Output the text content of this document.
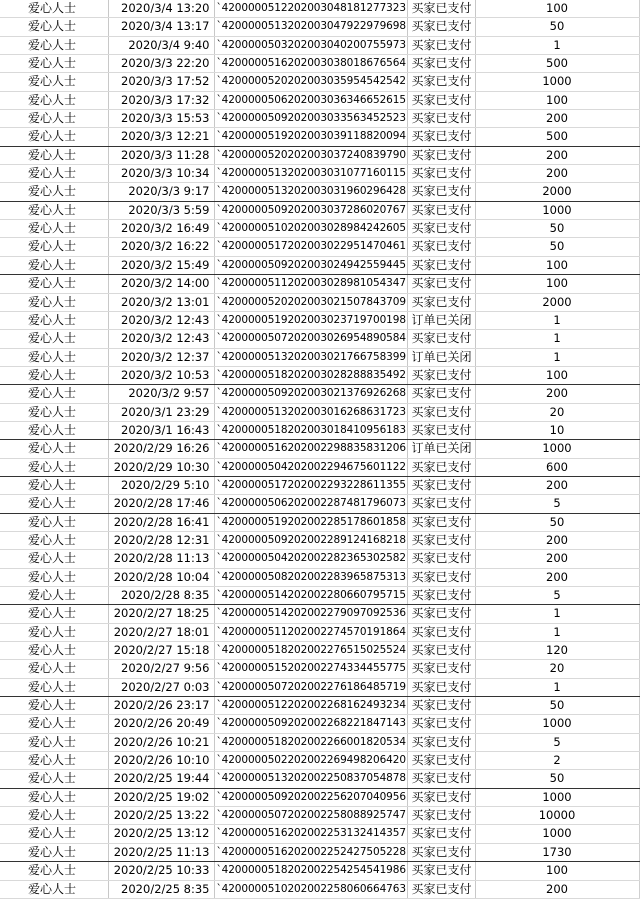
爱心人士	2020/3/4 13:20	`4200000512202003048181277323	买家已支付	100
爱心人士	2020/3/4 13:17	`4200000513202003047922979698	买家已支付	50
爱心人士	2020/3/4 9:40	`4200000503202003040200755973	买家已支付	1
爱心人士	2020/3/3 22:20	`4200000516202003038018676564	买家已支付	500
爱心人士	2020/3/3 17:52	`4200000520202003035954542542	买家已支付	1000
爱心人士	2020/3/3 17:32	`4200000506202003036346652615	买家已支付	100
爱心人士	2020/3/3 15:53	`4200000509202003033563452523	买家已支付	200
爱心人士	2020/3/3 12:21	`4200000519202003039118820094	买家已支付	500
爱心人士	2020/3/3 11:28	`4200000520202003037240839790	买家已支付	200
爱心人士	2020/3/3 10:34	`4200000513202003031077160115	买家已支付	200
爱心人士	2020/3/3 9:17	`4200000513202003031960296428	买家已支付	2000
爱心人士	2020/3/3 5:59	`4200000509202003037286020767	买家已支付	1000
爱心人士	2020/3/2 16:49	`4200000510202003028984242605	买家已支付	50
爱心人士	2020/3/2 16:22	`4200000517202003022951470461	买家已支付	50
爱心人士	2020/3/2 15:49	`4200000509202003024942559445	买家已支付	100
爱心人士	2020/3/2 14:00	`4200000511202003028981054347	买家已支付	100
爱心人士	2020/3/2 13:01	`4200000520202003021507843709	买家已支付	2000
爱心人士	2020/3/2 12:43	`4200000519202003023719700198	订单已关闭	1
爱心人士	2020/3/2 12:43	`4200000507202003026954890584	买家已支付	1
爱心人士	2020/3/2 12:37	`4200000513202003021766758399	订单已关闭	1
爱心人士	2020/3/2 10:53	`4200000518202003028288835492	买家已支付	100
爱心人士	2020/3/2 9:57	`4200000509202003021376926268	买家已支付	200
爱心人士	2020/3/1 23:29	`4200000513202003016268631723	买家已支付	20
爱心人士	2020/3/1 16:43	`4200000518202003018410956183	买家已支付	10
爱心人士	2020/2/29 16:26	`4200000516202002298835831206	订单已关闭	1000
爱心人士	2020/2/29 10:30	`4200000504202002294675601122	买家已支付	600
爱心人士	2020/2/29 5:10	`4200000517202002293228611355	买家已支付	200
爱心人士	2020/2/28 17:46	`4200000506202002287481796073	买家已支付	5
爱心人士	2020/2/28 16:41	`4200000519202002285178601858	买家已支付	50
爱心人士	2020/2/28 12:31	`4200000509202002289124168218	买家已支付	200
爱心人士	2020/2/28 11:13	`4200000504202002282365302582	买家已支付	200
爱心人士	2020/2/28 10:04	`4200000508202002283965875313	买家已支付	200
爱心人士	2020/2/28 8:35	`4200000514202002280660795715	买家已支付	5
爱心人士	2020/2/27 18:25	`4200000514202002279097092536	买家已支付	1
爱心人士	2020/2/27 18:01	`4200000511202002274570191864	买家已支付	1
爱心人士	2020/2/27 15:18	`4200000518202002276515025524	买家已支付	120
爱心人士	2020/2/27 9:56	`4200000515202002274334455775	买家已支付	20
爱心人士	2020/2/27 0:03	`4200000507202002276186485719	买家已支付	1
爱心人士	2020/2/26 23:17	`4200000512202002268162493234	买家已支付	50
爱心人士	2020/2/26 20:49	`4200000509202002268221847143	买家已支付	1000
爱心人士	2020/2/26 10:21	`4200000518202002266001820534	买家已支付	5
爱心人士	2020/2/26 10:10	`4200000502202002269498206420	买家已支付	2
爱心人士	2020/2/25 19:44	`4200000513202002250837054878	买家已支付	50
爱心人士	2020/2/25 19:02	`4200000509202002256207040956	买家已支付	1000
爱心人士	2020/2/25 13:22	`4200000507202002258088925747	买家已支付	10000
爱心人士	2020/2/25 13:12	`4200000516202002253132414357	买家已支付	1000
爱心人士	2020/2/25 11:13	`4200000516202002252427505228	买家已支付	1730
爱心人士	2020/2/25 10:33	`4200000518202002254254541986	买家已支付	100
爱心人士	2020/2/25 8:35	`4200000510202002258060664763	买家已支付	200
